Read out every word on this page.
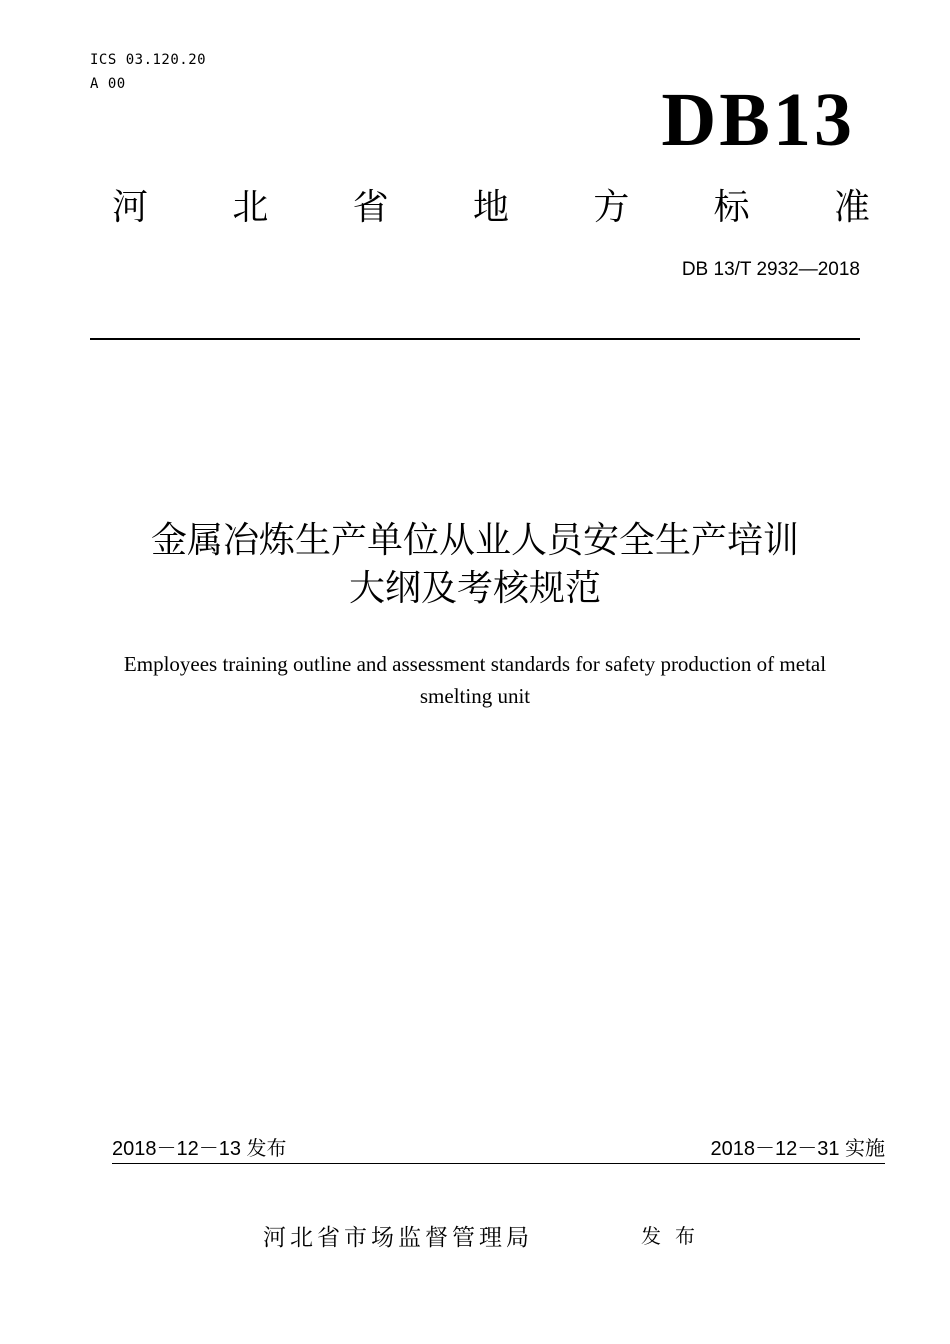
ICS 03.120.20
A 00	DB13
河 北 省 地 方 标 准
DB 13/T 2932—2018
金属冶炼生产单位从业人员安全生产培训
大纲及考核规范
Employees training outline and assessment standards for safety production of metal
smelting unit
2018－12－13 发布	2018－12－31 实施
河北省市场监督管理局	发布
